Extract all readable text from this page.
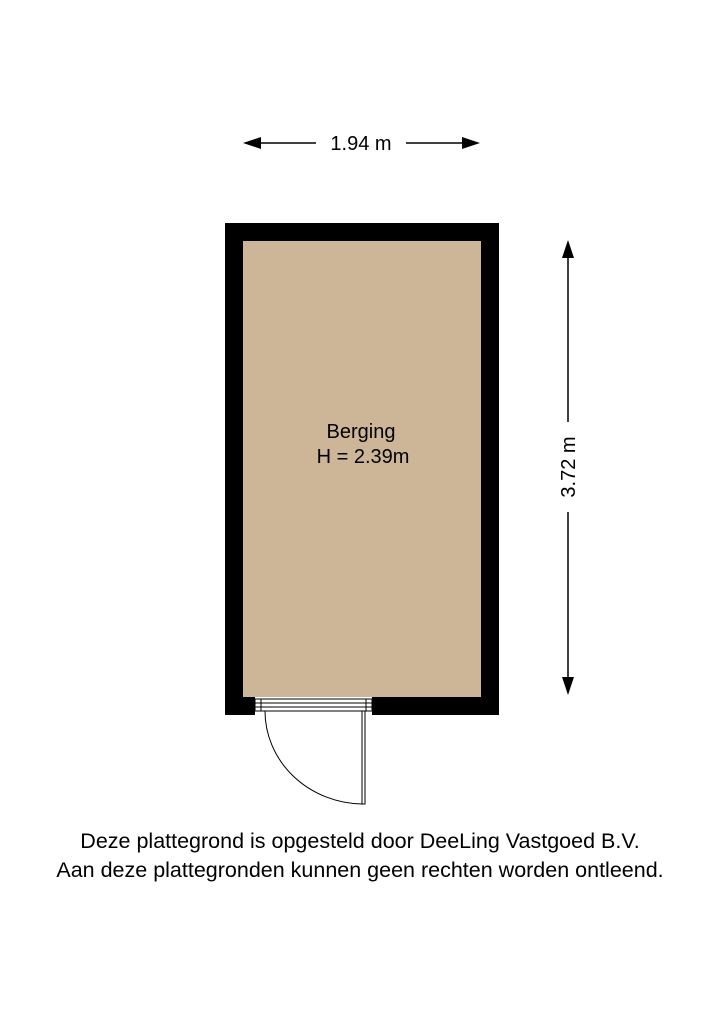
1.94 m
3.72 m
Berging
H = 2.39m
Deze plattegrond is opgesteld door DeeLing Vastgoed B.V.
Aan deze plattegronden kunnen geen rechten worden ontleend.
